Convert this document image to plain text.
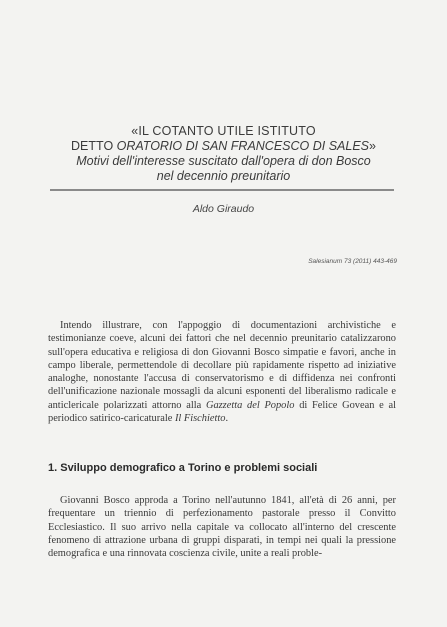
«IL COTANTO UTILE ISTITUTO
DETTO ORATORIO DI SAN FRANCESCO DI SALES»
Motivi dell'interesse suscitato dall'opera di don Bosco
nel decennio preunitario
Aldo Giraudo
Salesianum 73 (2011) 443-469

Intendo illustrare, con l'appoggio di documentazioni archivistiche e testimonianze coeve, alcuni dei fattori che nel decennio preunitario catalizzarono sull'opera educativa e religiosa di don Giovanni Bosco simpatie e favori, anche in campo liberale, permettendole di decollare più rapidamente rispetto ad iniziative analoghe, nonostante l'accusa di conservatorismo e di diffidenza nei confronti dell'unificazione nazionale mossagli da alcuni esponenti del liberalismo radicale e anticlericale polarizzati attorno alla Gazzetta del Popolo di Felice Govean e al periodico satirico-caricaturale Il Fischietto.

1. Sviluppo demografico a Torino e problemi sociali

Giovanni Bosco approda a Torino nell'autunno 1841, all'età di 26 anni, per frequentare un triennio di perfezionamento pastorale presso il Convitto Ecclesiastico. Il suo arrivo nella capitale va collocato all'interno del crescente fenomeno di attrazione urbana di gruppi disparati, in tempi nei quali la pressione demografica e una rinnovata coscienza civile, unite a reali proble-
